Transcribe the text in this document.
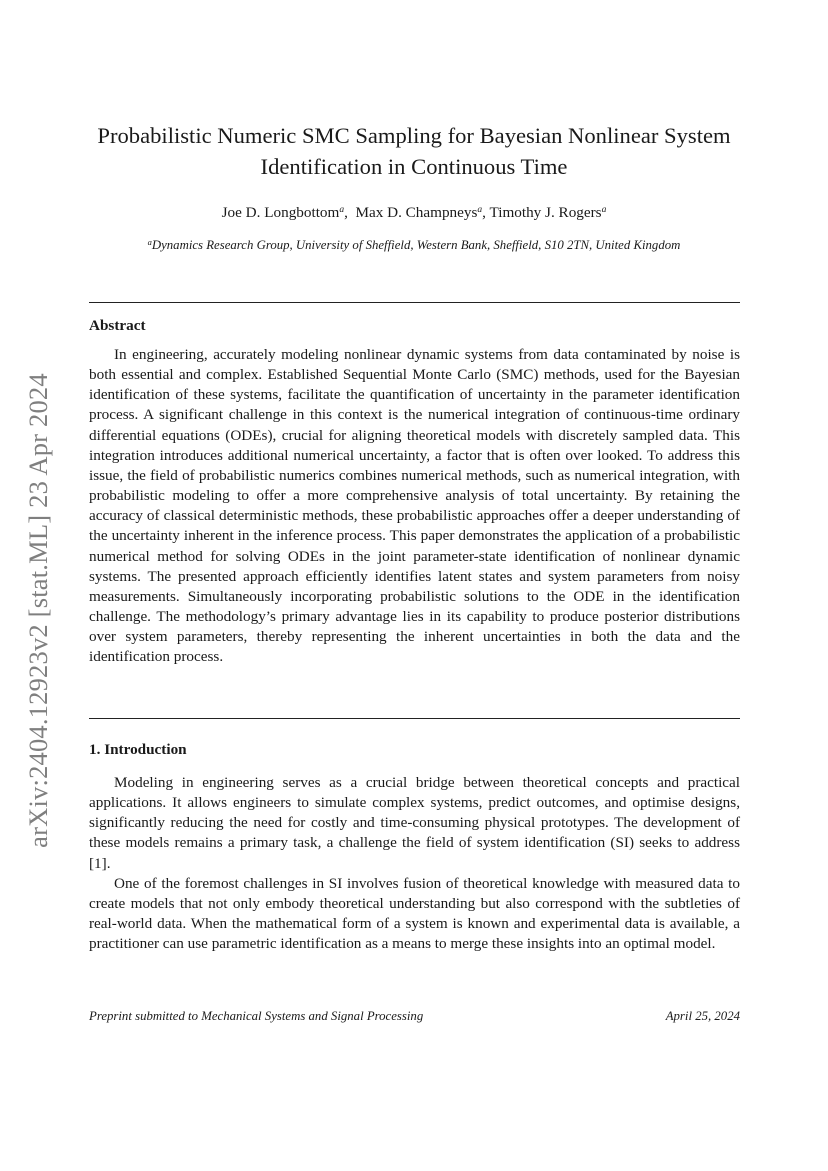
arXiv:2404.12923v2 [stat.ML] 23 Apr 2024
Probabilistic Numeric SMC Sampling for Bayesian Nonlinear System
Identification in Continuous Time
Joe D. Longbottom$^a$,  Max D. Champneys$^a$, Timothy J. Rogers$^a$
$^a$Dynamics Research Group, University of Sheffield, Western Bank, Sheffield, S10 2TN, United Kingdom
Abstract

In engineering, accurately modeling nonlinear dynamic systems from data contaminated by noise is both essential and complex. Established Sequential Monte Carlo (SMC) methods, used for the Bayesian identification of these systems, facilitate the quantification of uncertainty in the parameter identification process. A significant challenge in this context is the numerical integration of continuous-time ordinary differential equations (ODEs), crucial for aligning theoretical models with discretely sampled data. This integration introduces additional numerical uncertainty, a factor that is often over looked. To address this issue, the field of probabilistic numerics combines numerical methods, such as numerical integration, with probabilistic modeling to offer a more comprehensive analysis of total uncertainty. By retaining the accuracy of classical deterministic methods, these probabilistic approaches offer a deeper understanding of the uncertainty inherent in the inference process. This paper demonstrates the application of a probabilistic numerical method for solving ODEs in the joint parameter-state identification of nonlinear dynamic systems. The presented approach efficiently identifies latent states and system parameters from noisy measurements. Simultaneously incorporating probabilistic solutions to the ODE in the identification challenge. The methodology’s primary advantage lies in its capability to produce posterior distributions over system parameters, thereby representing the inherent uncertainties in both the data and the identification process.

1. Introduction

Modeling in engineering serves as a crucial bridge between theoretical concepts and practical applications. It allows engineers to simulate complex systems, predict outcomes, and optimise designs, significantly reducing the need for costly and time-consuming physical prototypes. The development of these models remains a primary task, a challenge the field of system identification (SI) seeks to address [1].

One of the foremost challenges in SI involves fusion of theoretical knowledge with measured data to create models that not only embody theoretical understanding but also correspond with the subtleties of real-world data. When the mathematical form of a system is known and experimental data is available, a practitioner can use parametric identification as a means to merge these insights into an optimal model.

Preprint submitted to Mechanical Systems and Signal Processing	April 25, 2024
